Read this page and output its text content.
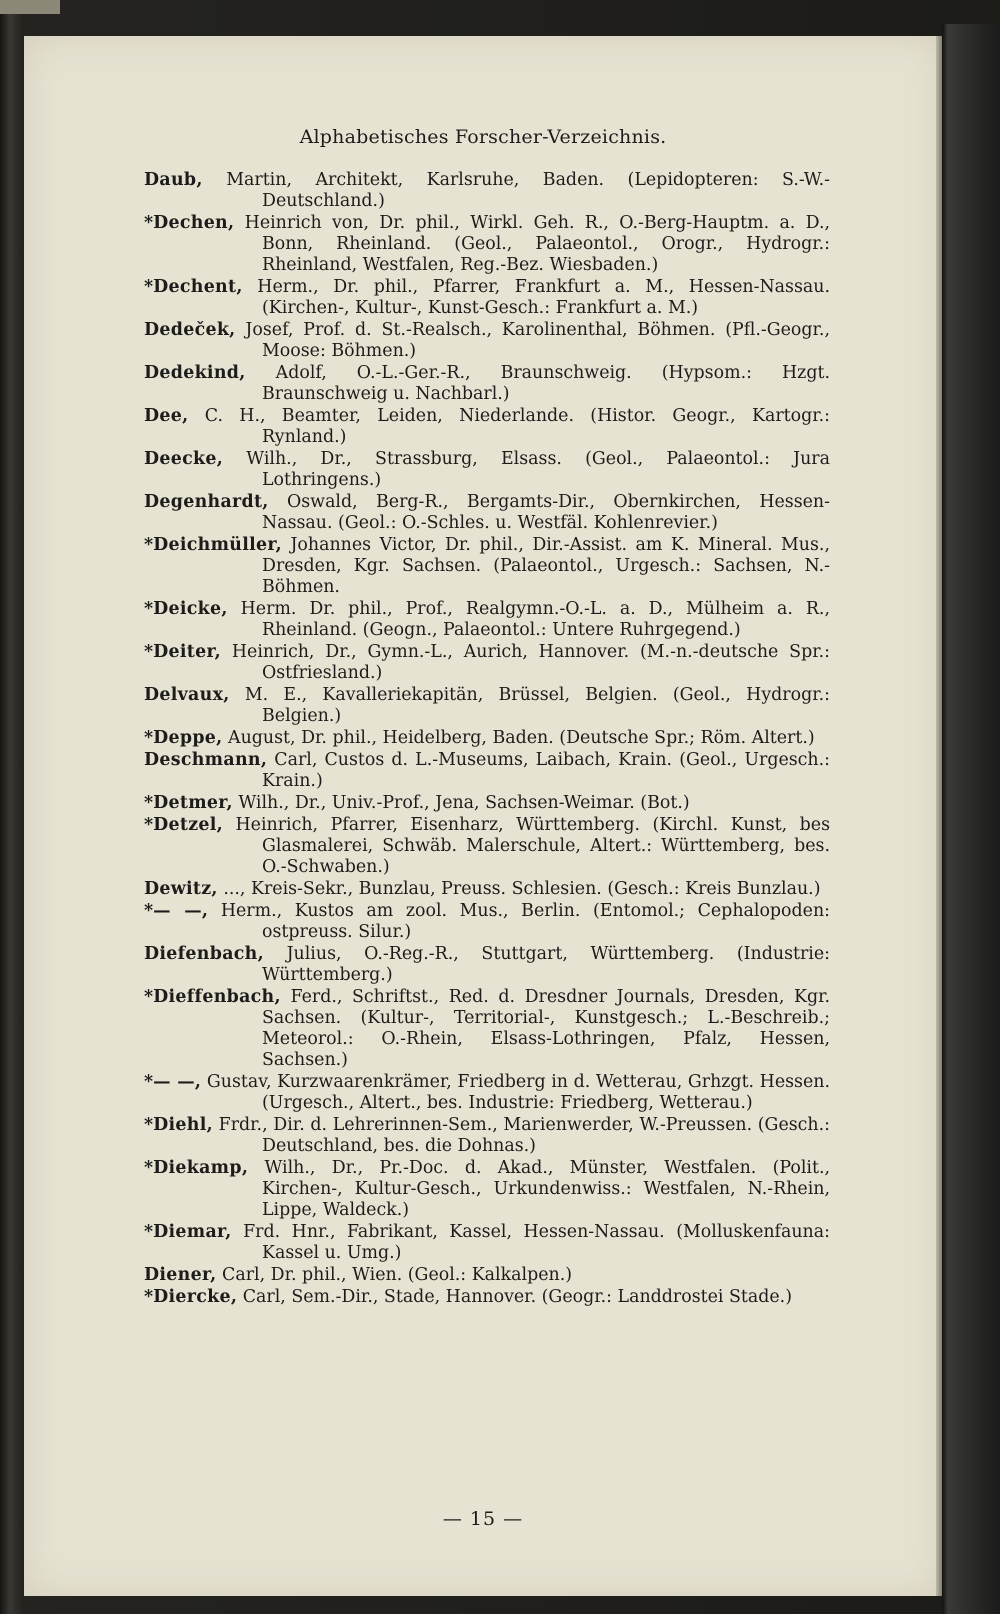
Alphabetisches Forscher-Verzeichnis.
Daub, Martin, Architekt, Karlsruhe, Baden. (Lepidopteren: S.-W.-Deutschland.)
*Dechen, Heinrich von, Dr. phil., Wirkl. Geh. R., O.-Berg-Hauptm. a. D., Bonn, Rheinland. (Geol., Palaeontol., Orogr., Hydrogr.: Rheinland, Westfalen, Reg.-Bez. Wiesbaden.)
*Dechent, Herm., Dr. phil., Pfarrer, Frankfurt a. M., Hessen-Nassau. (Kirchen-, Kultur-, Kunst-Gesch.: Frankfurt a. M.)
Dedeček, Josef, Prof. d. St.-Realsch., Karolinenthal, Böhmen. (Pfl.-Geogr., Moose: Böhmen.)
Dedekind, Adolf, O.-L.-Ger.-R., Braunschweig. (Hypsom.: Hzgt. Braunschweig u. Nachbarl.)
Dee, C. H., Beamter, Leiden, Niederlande. (Histor. Geogr., Kartogr.: Rynland.)
Deecke, Wilh., Dr., Strassburg, Elsass. (Geol., Palaeontol.: Jura Lothringens.)
Degenhardt, Oswald, Berg-R., Bergamts-Dir., Obernkirchen, Hessen-Nassau. (Geol.: O.-Schles. u. Westfäl. Kohlenrevier.)
*Deichmüller, Johannes Victor, Dr. phil., Dir.-Assist. am K. Mineral. Mus., Dresden, Kgr. Sachsen. (Palaeontol., Urgesch.: Sachsen, N.-Böhmen.
*Deicke, Herm. Dr. phil., Prof., Realgymn.-O.-L. a. D., Mülheim a. R., Rheinland. (Geogn., Palaeontol.: Untere Ruhrgegend.)
*Deiter, Heinrich, Dr., Gymn.-L., Aurich, Hannover. (M.-n.-deutsche Spr.: Ostfriesland.)
Delvaux, M. E., Kavalleriekapitän, Brüssel, Belgien. (Geol., Hydrogr.: Belgien.)
*Deppe, August, Dr. phil., Heidelberg, Baden. (Deutsche Spr.; Röm. Altert.)
Deschmann, Carl, Custos d. L.-Museums, Laibach, Krain. (Geol., Urgesch.: Krain.)
*Detmer, Wilh., Dr., Univ.-Prof., Jena, Sachsen-Weimar. (Bot.)
*Detzel, Heinrich, Pfarrer, Eisenharz, Württemberg. (Kirchl. Kunst, bes Glasmalerei, Schwäb. Malerschule, Altert.: Württemberg, bes. O.-Schwaben.)
Dewitz, ..., Kreis-Sekr., Bunzlau, Preuss. Schlesien. (Gesch.: Kreis Bunzlau.)
*— —, Herm., Kustos am zool. Mus., Berlin. (Entomol.; Cephalopoden: ostpreuss. Silur.)
Diefenbach, Julius, O.-Reg.-R., Stuttgart, Württemberg. (Industrie: Württemberg.)
*Dieffenbach, Ferd., Schriftst., Red. d. Dresdner Journals, Dresden, Kgr. Sachsen. (Kultur-, Territorial-, Kunstgesch.; L.-Beschreib.; Meteorol.: O.-Rhein, Elsass-Lothringen, Pfalz, Hessen, Sachsen.)
*— —, Gustav, Kurzwaarenkrämer, Friedberg in d. Wetterau, Grhzgt. Hessen. (Urgesch., Altert., bes. Industrie: Friedberg, Wetterau.)
*Diehl, Frdr., Dir. d. Lehrerinnen-Sem., Marienwerder, W.-Preussen. (Gesch.: Deutschland, bes. die Dohnas.)
*Diekamp, Wilh., Dr., Pr.-Doc. d. Akad., Münster, Westfalen. (Polit., Kirchen-, Kultur-Gesch., Urkundenwiss.: Westfalen, N.-Rhein, Lippe, Waldeck.)
*Diemar, Frd. Hnr., Fabrikant, Kassel, Hessen-Nassau. (Molluskenfauna: Kassel u. Umg.)
Diener, Carl, Dr. phil., Wien. (Geol.: Kalkalpen.)
*Diercke, Carl, Sem.-Dir., Stade, Hannover. (Geogr.: Landdrostei Stade.)
— 15 —
